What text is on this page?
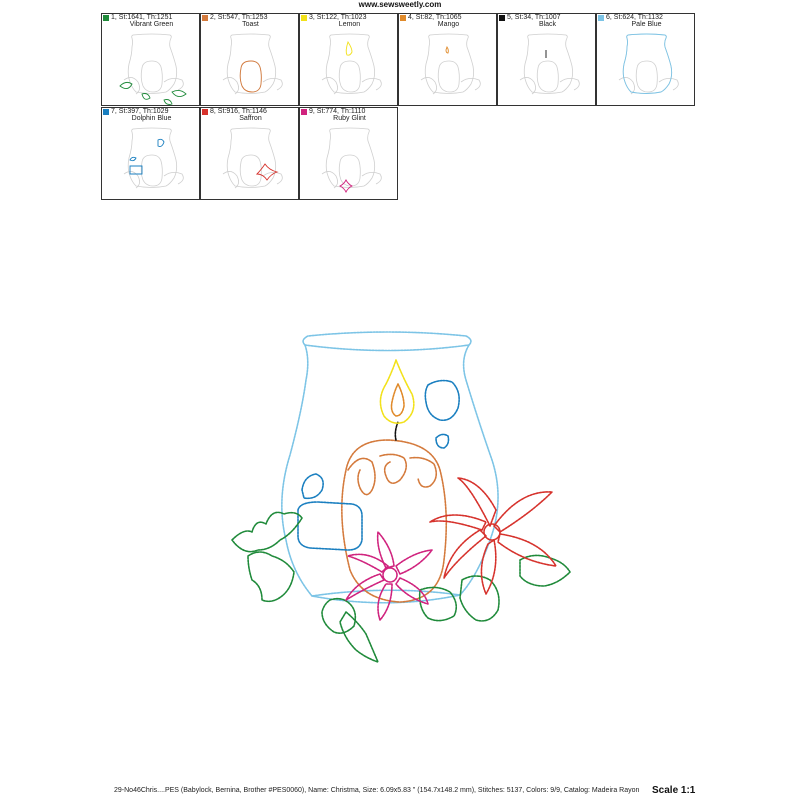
www.sewsweetly.com
1, St:1641, Th:1251
Vibrant Green
2, St:547, Th:1253
Toast
3, St:122, Th:1023
Lemon
4, St:82, Th:1065
Mango
5, St:34, Th:1007
Black
6, St:624, Th:1132
Pale Blue
7, St:397, Th:1029
Dolphin Blue
8, St:916, Th:1146
Saffron
9, St:774, Th:1110
Ruby Glint
29-No46Chris....PES (Babylock, Bernina, Brother #PES0060), Name: Christma, Size: 6.09x5.83 " (154.7x148.2 mm), Stitches: 5137, Colors: 9/9, Catalog: Madeira Rayon Scale 1:1
